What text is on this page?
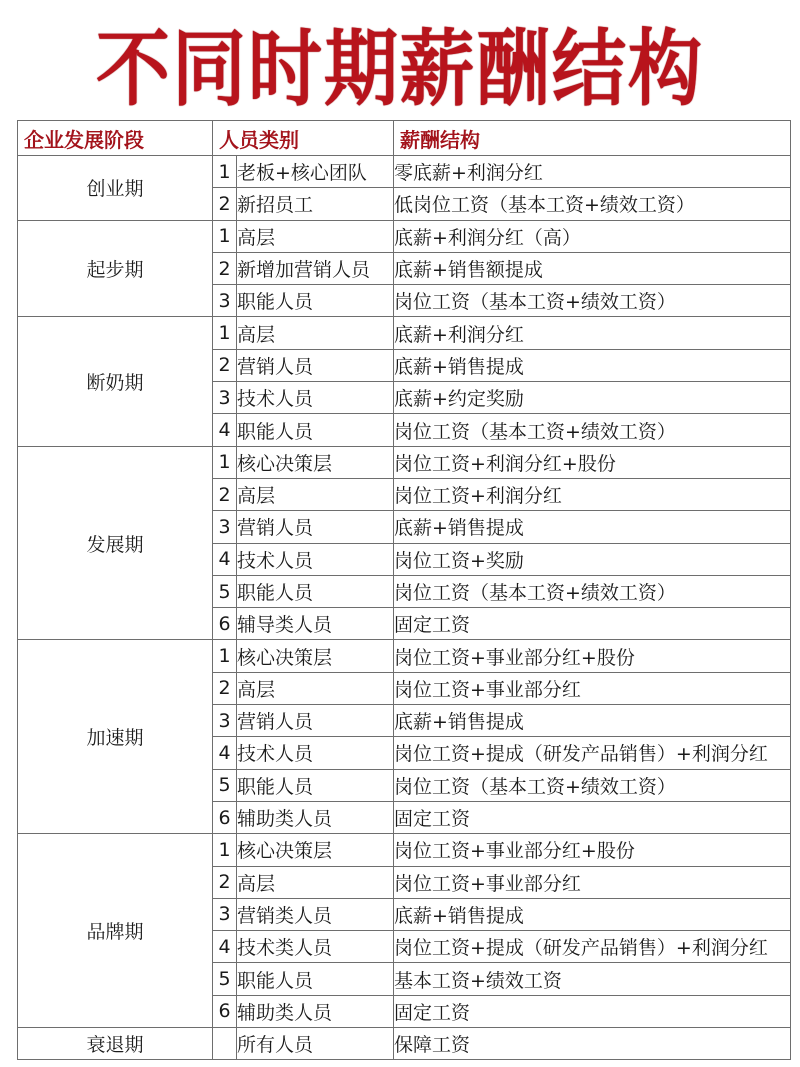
不同时期薪酬结构
企业发展阶段	人员类别		薪酬结构
创业期	1	老板+核心团队	零底薪+利润分红
	2	新招员工	低岗位工资（基本工资+绩效工资）
起步期	1	高层	底薪+利润分红（高）
	2	新增加营销人员	底薪+销售额提成
	3	职能人员	岗位工资（基本工资+绩效工资）
断奶期	1	高层	底薪+利润分红
	2	营销人员	底薪+销售提成
	3	技术人员	底薪+约定奖励
	4	职能人员	岗位工资（基本工资+绩效工资）
发展期	1	核心决策层	岗位工资+利润分红+股份
	2	高层	岗位工资+利润分红
	3	营销人员	底薪+销售提成
	4	技术人员	岗位工资+奖励
	5	职能人员	岗位工资（基本工资+绩效工资）
	6	辅导类人员	固定工资
加速期	1	核心决策层	岗位工资+事业部分红+股份
	2	高层	岗位工资+事业部分红
	3	营销人员	底薪+销售提成
	4	技术人员	岗位工资+提成（研发产品销售）+利润分红
	5	职能人员	岗位工资（基本工资+绩效工资）
	6	辅助类人员	固定工资
品牌期	1	核心决策层	岗位工资+事业部分红+股份
	2	高层	岗位工资+事业部分红
	3	营销类人员	底薪+销售提成
	4	技术类人员	岗位工资+提成（研发产品销售）+利润分红
	5	职能人员	基本工资+绩效工资
	6	辅助类人员	固定工资
衰退期		所有人员	保障工资
